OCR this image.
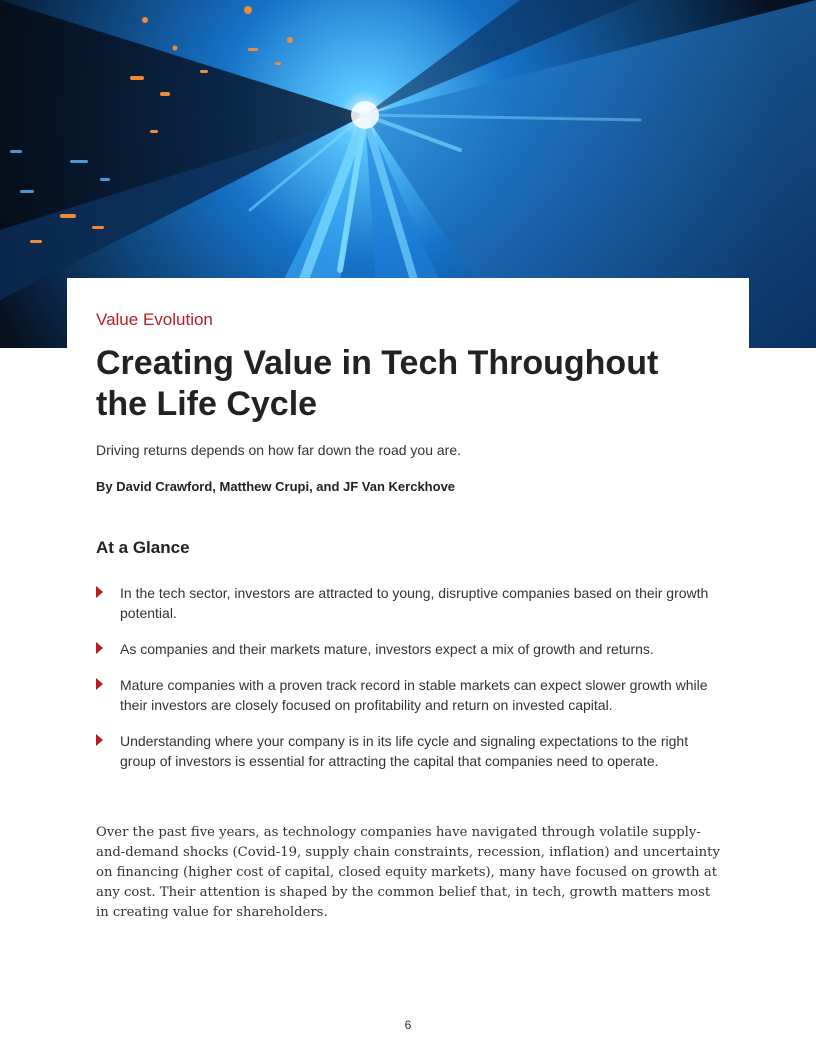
Value Evolution
Creating Value in Tech Throughout the Life Cycle

Driving returns depends on how far down the road you are.

By David Crawford, Matthew Crupi, and JF Van Kerckhove

At a Glance
In the tech sector, investors are attracted to young, disruptive companies based on their growth potential.
As companies and their markets mature, investors expect a mix of growth and returns.
Mature companies with a proven track record in stable markets can expect slower growth while their investors are closely focused on profitability and return on invested capital.
Understanding where your company is in its life cycle and signaling expectations to the right group of investors is essential for attracting the capital that companies need to operate.

Over the past five years, as technology companies have navigated through volatile supply-and-demand shocks (Covid-19, supply chain constraints, recession, inflation) and uncertainty on financing (higher cost of capital, closed equity markets), many have focused on growth at any cost. Their attention is shaped by the common belief that, in tech, growth matters most in creating value for shareholders.

6
